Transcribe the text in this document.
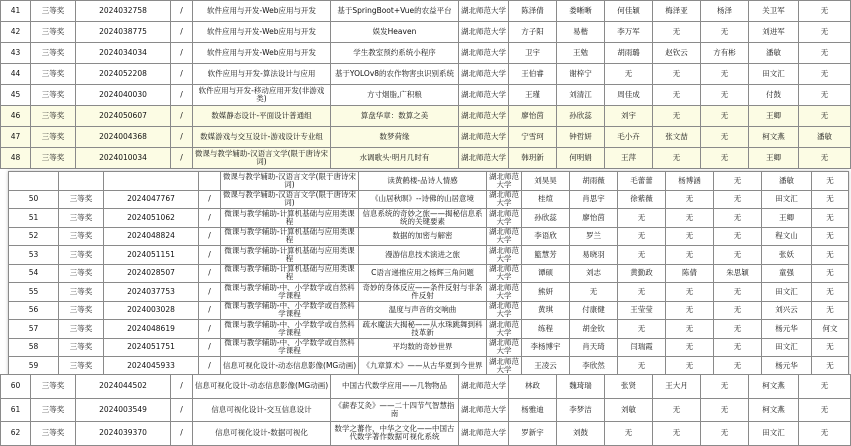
41	三等奖	2024032758	/	软件应用与开发-Web应用与开发	基于SpringBoot+Vue的农益平台	湖北师范大学	陈泽倩	娄晰晰	何佳颖	梅泽亚	杨泽	关卫军	无
42	三等奖	2024038775	/	软件应用与开发-Web应用与开发	娱发Heaven	湖北师范大学	方子阳	易楷	李万军	无	无	刘进军	无
43	三等奖	2024034034	/	软件应用与开发-Web应用与开发	学生教室预约系统小程序	湖北师范大学	卫宇	王勉	胡雨璐	赵钦云	方有彬	潘敏	无
44	三等奖	2024052208	/	软件应用与开发-算法设计与应用	基于YOLOv8的农作物害虫识别系统	湖北师范大学	王伯睿	谢梓宁	无	无	无	田文汇	无
45	三等奖	2024040030	/	软件应用与开发-移动应用开发(非游戏类)	方寸烟脂,广积粮	湖北师范大学	王瑾	刘清江	周佳成	无	无	付鼓	无
46	三等奖	2024050607	/	数媒静态设计-平面设计普通组	算盘华章：数算之美	湖北师范大学	廖怡茵	孙欣蕊	刘宇	无	无	王卿	无
47	三等奖	2024004368	/	数媒游戏与交互设计-游戏设计专业组	数梦荷缘	湖北师范大学	宁雪珂	钟哲妍	毛小卉	张文喆	无	柯文燕	潘敏
48	三等奖	2024010034	/	微课与教学辅助-汉语言文学(限于唐诗宋词)	水调歌头·明月几时有	湖北师范大学	韩玥新	何明娟	王萍	无	无	王卿	无
				微课与教学辅助-汉语言文学(限于唐诗宋词)	读黄鹤楼-品诗人情感	湖北师范大学	刘昊昊	胡雨薇	毛蕾蕾	杨博涵	无	潘敏	无
50	三等奖	2024047767	/	微课与教学辅助-汉语言文学(限于唐诗宋词)	《山居秋暝》--诗佛的山居意境	湖北师范大学	桂煊	肖思宇	徐紫薇	无	无	田文汇	无
51	三等奖	2024051062	/	微课与教学辅助-计算机基础与应用类课程	信息系统的奇妙之旅——揭秘信息系统的关键要素	湖北师范大学	孙欣蕊	廖怡茵	无	无	无	王卿	无
52	三等奖	2024048824	/	微课与教学辅助-计算机基础与应用类课程	数据的加密与解密	湖北师范大学	李语欣	罗兰	无	无	无	程文山	无
53	三等奖	2024051151	/	微课与教学辅助-计算机基础与应用类课程	漫游信息技术演进之旅	湖北师范大学	籃慧芳	易晓羽	无	无	无	张妖	无
54	三等奖	2024028507	/	微课与教学辅助-计算机基础与应用类课程	C语言递推应用之杨辉三角问题	湖北师范大学	谭硕	刘志	黄勤政	陈倩	朱思颖	童强	无
55	三等奖	2024037753	/	微课与教学辅助-中、小学数学或自然科学课程	奇妙的身体反应——条件反射与非条件反射	湖北师范大学	熊妍	无	无	无	无	田文汇	无
56	三等奖	2024003028	/	微课与教学辅助-中、小学数学或自然科学课程	温度与声音的交响曲	湖北师范大学	黄琪	付康健	王莹莹	无	无	刘兴云	无
57	三等奖	2024048619	/	微课与教学辅助-中、小学数学或自然科学课程	疏水魔法大揭秘——从水珠跳舞到科技革新	湖北师范大学	练程	胡金钦	无	无	无	杨元华	何文
58	三等奖	2024051751	/	微课与教学辅助-中、小学数学或自然科学课程	平均数的奇妙世界	湖北师范大学	李杨博宇	肖天琦	闫瑞霞	无	无	田文汇	无
59	三等奖	2024045933	/	信息可视化设计-动态信息影像(MG动画)	《九章算术》——从古华夏到今世界	湖北师范大学	王凌云	李欣然	无	无	无	杨元华	无
60	三等奖	2024044502	/	信息可视化设计-动态信息影像(MG动画)	中国古代数学应用——几物物品	湖北师范大学	林政	魏琦瑞	张贤	王大月	无	柯文燕	无
61	三等奖	2024003549	/	信息可视化设计-交互信息设计	《薪春艾灸》——二十四节气智慧指南	湖北师范大学	杨雅迪	李梦洁	刘敏	无	无	柯文燕	无
62	三等奖	2024039370	/	信息可视化设计-数据可视化	数学之蕃作，中华之文化——中国古代数学著作数据可视化系统	湖北师范大学	罗新宇	刘鼓	无	无	无	田文汇	无
